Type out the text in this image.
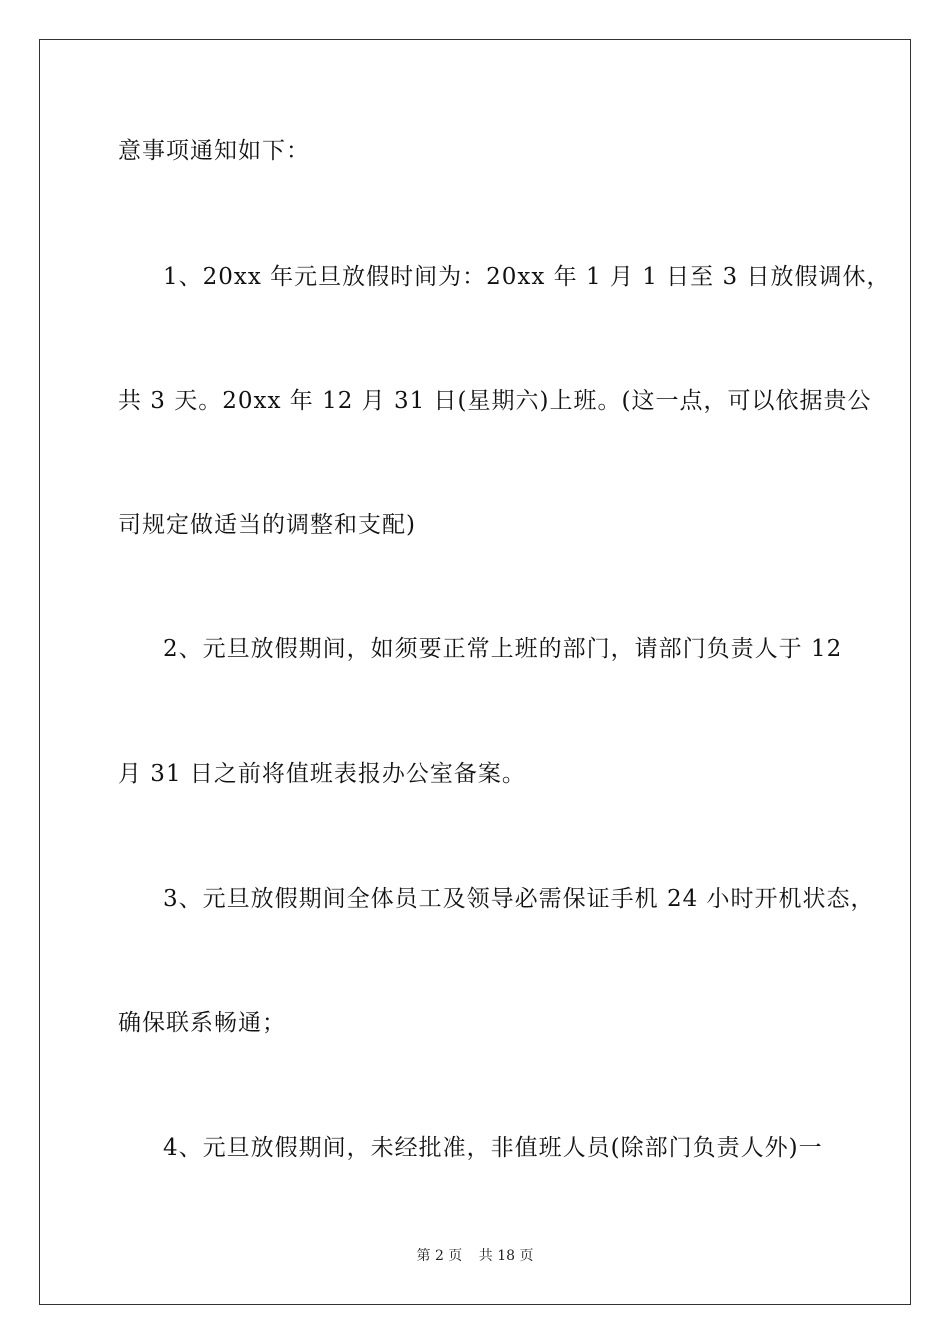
意事项通知如下：
1、20xx 年元旦放假时间为：20xx 年 1 月 1 日至 3 日放假调休，
共 3 天。20xx 年 12 月 31 日(星期六)上班。(这一点，可以依据贵公
司规定做适当的调整和支配)
2、元旦放假期间，如须要正常上班的部门，请部门负责人于 12
月 31 日之前将值班表报办公室备案。
3、元旦放假期间全体员工及领导必需保证手机 24 小时开机状态，
确保联系畅通；
4、元旦放假期间，未经批准，非值班人员(除部门负责人外)一
第 2 页 共 18 页
